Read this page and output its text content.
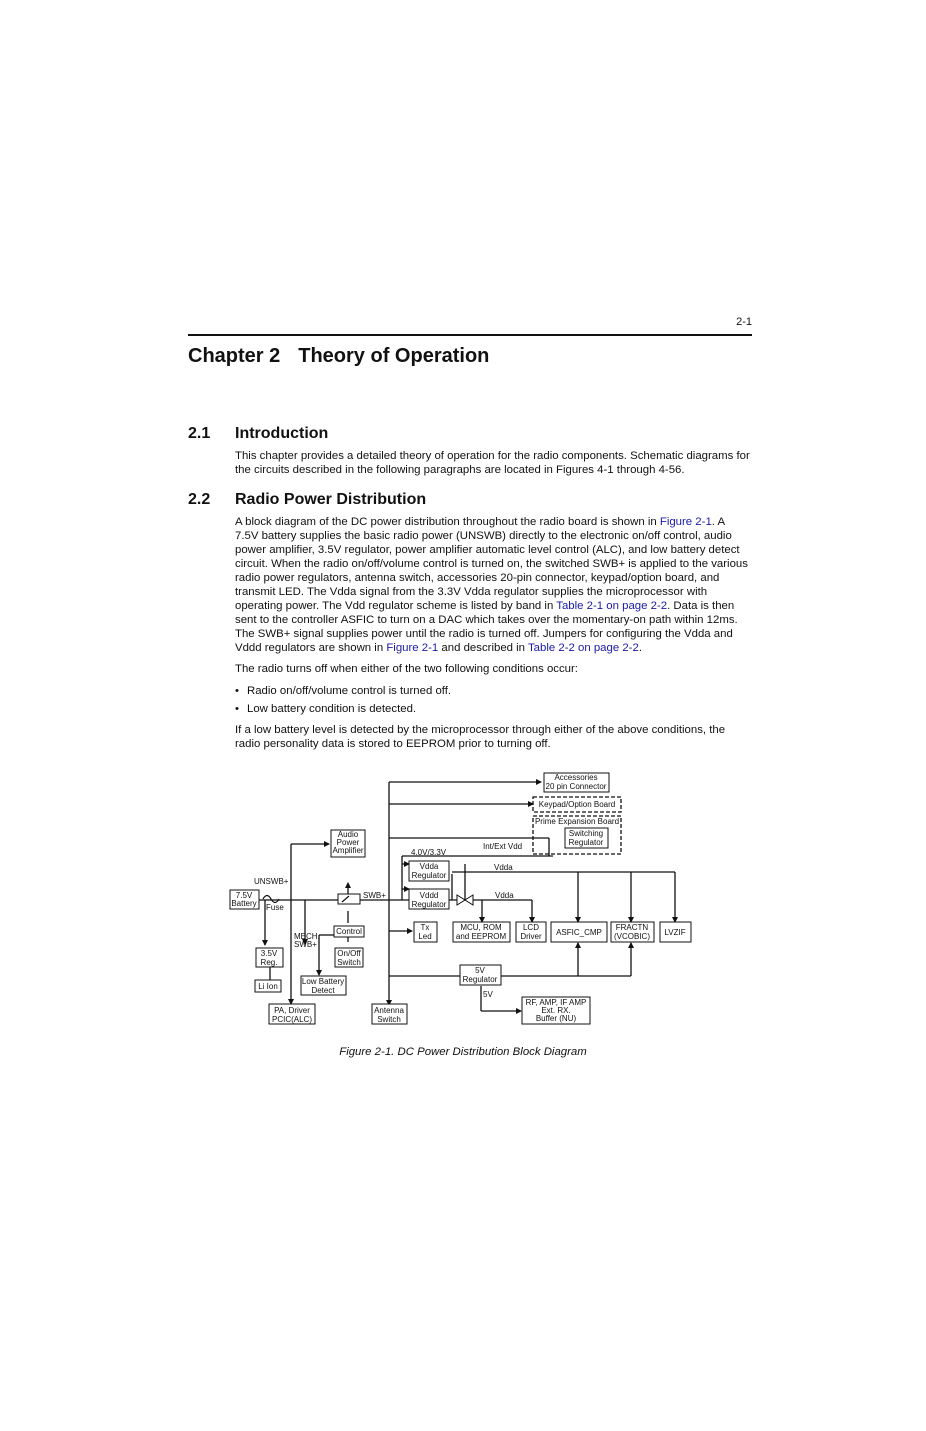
2-1
Chapter 2 Theory of Operation
2.1 Introduction

This chapter provides a detailed theory of operation for the radio components. Schematic diagrams for the circuits described in the following paragraphs are located in Figures 4-1 through 4-56.

2.2 Radio Power Distribution

A block diagram of the DC power distribution throughout the radio board is shown in Figure 2-1. A 7.5V battery supplies the basic radio power (UNSWB) directly to the electronic on/off control, audio power amplifier, 3.5V regulator, power amplifier automatic level control (ALC), and low battery detect circuit. When the radio on/off/volume control is turned on, the switched SWB+ is applied to the various radio power regulators, antenna switch, accessories 20-pin connector, keypad/option board, and transmit LED. The Vdda signal from the 3.3V Vdda regulator supplies the microprocessor with operating power. The Vdd regulator scheme is listed by band in Table 2-1 on page 2-2. Data is then sent to the controller ASFIC to turn on a DAC which takes over the momentary-on path within 12ms. The SWB+ signal supplies power until the radio is turned off. Jumpers for configuring the Vdda and Vddd regulators are shown in Figure 2-1 and described in Table 2-2 on page 2-2.

The radio turns off when either of the two following conditions occur:

• Radio on/off/volume control is turned off.
• Low battery condition is detected.

If a low battery level is detected by the microprocessor through either of the above conditions, the radio personality data is stored to EEPROM prior to turning off.

Accessories
20 pin Connector
Keypad/Option Board
Prime Expansion Board
Switching
Regulator
Audio
Power
Amplifier	Int/Ext Vdd
4.0V/3.3V
Vdda
Regulator
Vdda
Vddd
Regulator
Vdda
UNSWB+
7.5V
Battery Fuse
SWB+
MECH.
SWB+
Control
On/Off
Switch
3.5V
Reg.
Li Ion
Low Battery
Detect
PA, Driver
PCIC(ALC)
Antenna
Switch
Tx
Led
MCU, ROM
and EEPROM
LCD
Driver ASFIC_CMP
FRACTN
(VCOBIC) LVZIF
5V
Regulator
5V
RF, AMP, IF AMP
Ext. RX.
Buffer (NU)
Figure 2-1. DC Power Distribution Block Diagram
